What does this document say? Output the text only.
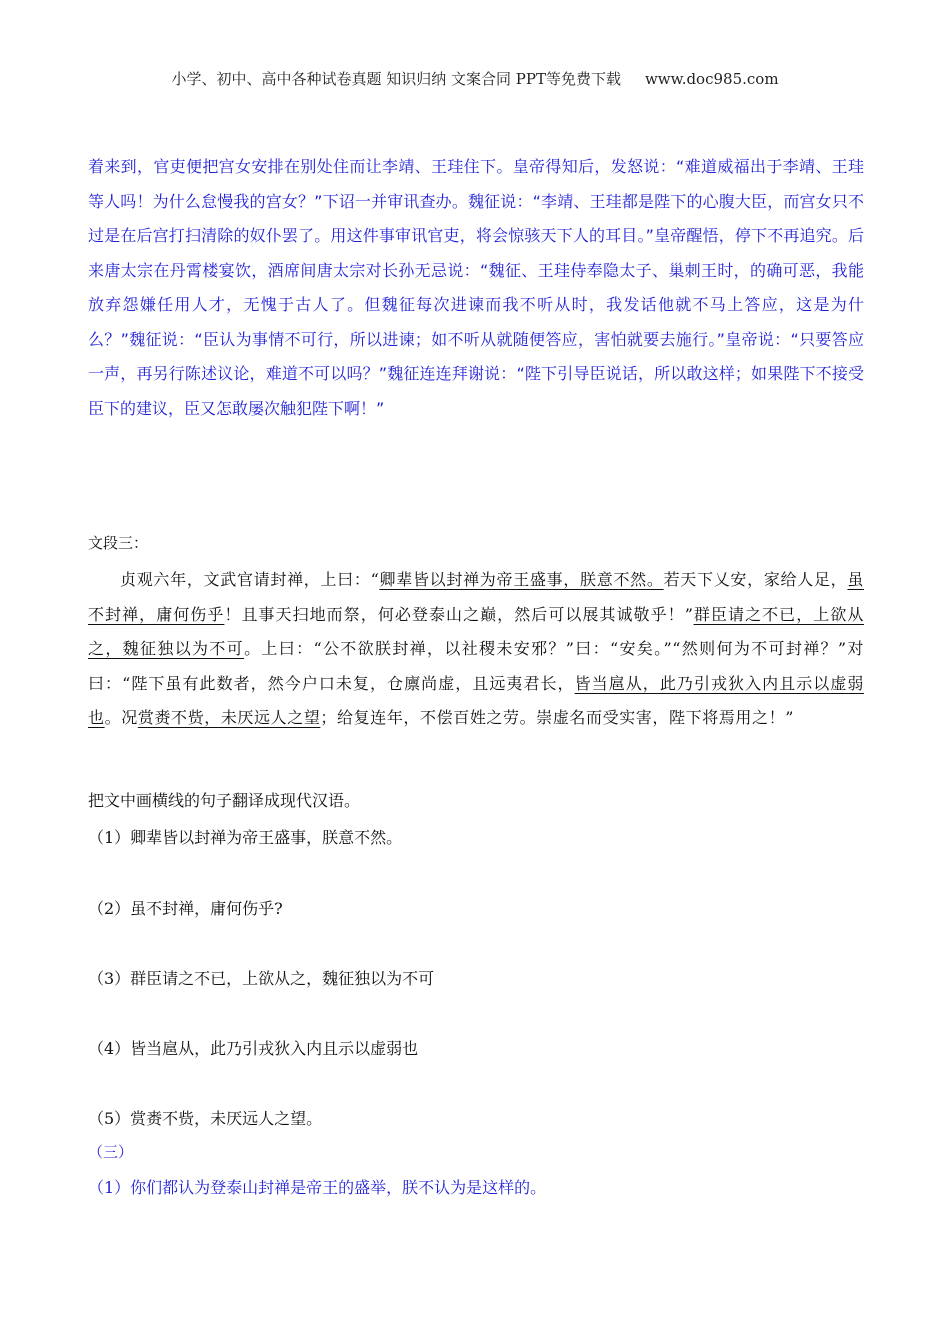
小学、初中、高中各种试卷真题 知识归纳 文案合同 PPT等免费下载 www.doc985.com
着来到，官吏便把宫女安排在别处住而让李靖、王珪住下。皇帝得知后，发怒说：“难道威福出于李靖、王珪等人吗！为什么怠慢我的宫女？”下诏一并审讯查办。魏征说：“李靖、王珪都是陛下的心腹大臣，而宫女只不过是在后宫打扫清除的奴仆罢了。用这件事审讯官吏，将会惊骇天下人的耳目。”皇帝醒悟，停下不再追究。后来唐太宗在丹霄楼宴饮，酒席间唐太宗对长孙无忌说：“魏征、王珪侍奉隐太子、巢刺王时，的确可恶，我能放弃怨嫌任用人才，无愧于古人了。但魏征每次进谏而我不听从时，我发话他就不马上答应，这是为什么？”魏征说：“臣认为事情不可行，所以进谏；如不听从就随便答应，害怕就要去施行。”皇帝说：“只要答应一声，再另行陈述议论，难道不可以吗？”魏征连连拜谢说：“陛下引导臣说话，所以敢这样；如果陛下不接受臣下的建议，臣又怎敢屡次触犯陛下啊！”
文段三：
贞观六年，文武官请封禅，上曰：“卿辈皆以封禅为帝王盛事，朕意不然。若天下乂安，家给人足，虽不封禅，庸何伤乎！且事天扫地而祭，何必登泰山之巅，然后可以展其诚敬乎！”群臣请之不已，上欲从之，魏征独以为不可。上曰：“公不欲朕封禅，以社稷未安邪？”曰：“安矣。”“然则何为不可封禅？”对曰：“陛下虽有此数者，然今户口未复，仓廪尚虚，且远夷君长，皆当扈从，此乃引戎狄入内且示以虚弱也。况赏赉不赀，未厌远人之望；给复连年，不偿百姓之劳。崇虚名而受实害，陛下将焉用之！”
把文中画横线的句子翻译成现代汉语。
（1）卿辈皆以封禅为帝王盛事，朕意不然。
（2）虽不封禅，庸何伤乎?
（3）群臣请之不已，上欲从之，魏征独以为不可
（4）皆当扈从，此乃引戎狄入内且示以虚弱也
（5）赏赉不赀，未厌远人之望。
（三）
（1）你们都认为登泰山封禅是帝王的盛举，朕不认为是这样的。
